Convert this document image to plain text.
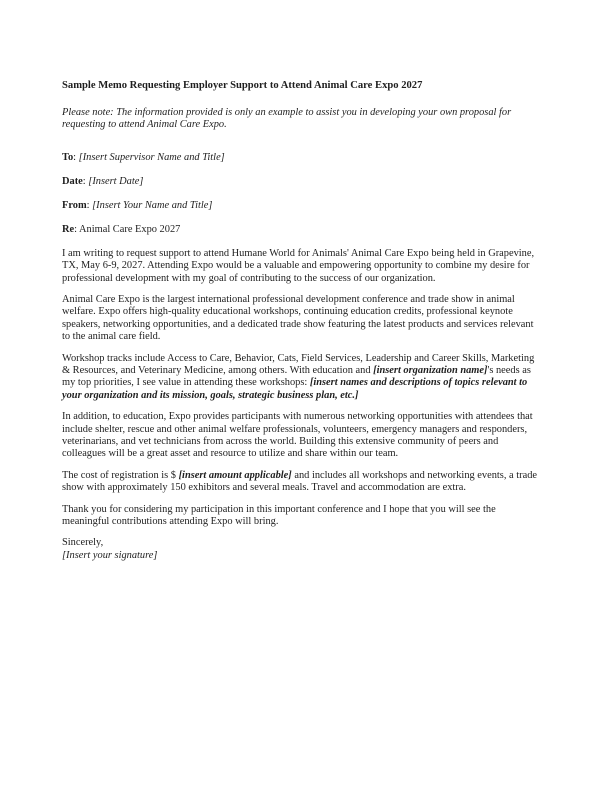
Sample Memo Requesting Employer Support to Attend Animal Care Expo 2027
Please note: The information provided is only an example to assist you in developing your own proposal for requesting to attend Animal Care Expo.
To: [Insert Supervisor Name and Title]
Date: [Insert Date]
From: [Insert Your Name and Title]
Re: Animal Care Expo 2027

I am writing to request support to attend Humane World for Animals' Animal Care Expo being held in Grapevine, TX, May 6-9, 2027. Attending Expo would be a valuable and empowering opportunity to combine my desire for professional development with my goal of contributing to the success of our organization.

Animal Care Expo is the largest international professional development conference and trade show in animal welfare. Expo offers high-quality educational workshops, continuing education credits, professional keynote speakers, networking opportunities, and a dedicated trade show featuring the latest products and services relevant to the animal care field.

Workshop tracks include Access to Care, Behavior, Cats, Field Services, Leadership and Career Skills, Marketing & Resources, and Veterinary Medicine, among others. With education and [insert organization name]'s needs as my top priorities, I see value in attending these workshops: [insert names and descriptions of topics relevant to your organization and its mission, goals, strategic business plan, etc.]

In addition, to education, Expo provides participants with numerous networking opportunities with attendees that include shelter, rescue and other animal welfare professionals, volunteers, emergency managers and responders, veterinarians, and vet technicians from across the world. Building this extensive community of peers and colleagues will be a great asset and resource to utilize and share within our team.

The cost of registration is $ [insert amount applicable] and includes all workshops and networking events, a trade show with approximately 150 exhibitors and several meals. Travel and accommodation are extra.

Thank you for considering my participation in this important conference and I hope that you will see the meaningful contributions attending Expo will bring.

Sincerely,
[Insert your signature]
